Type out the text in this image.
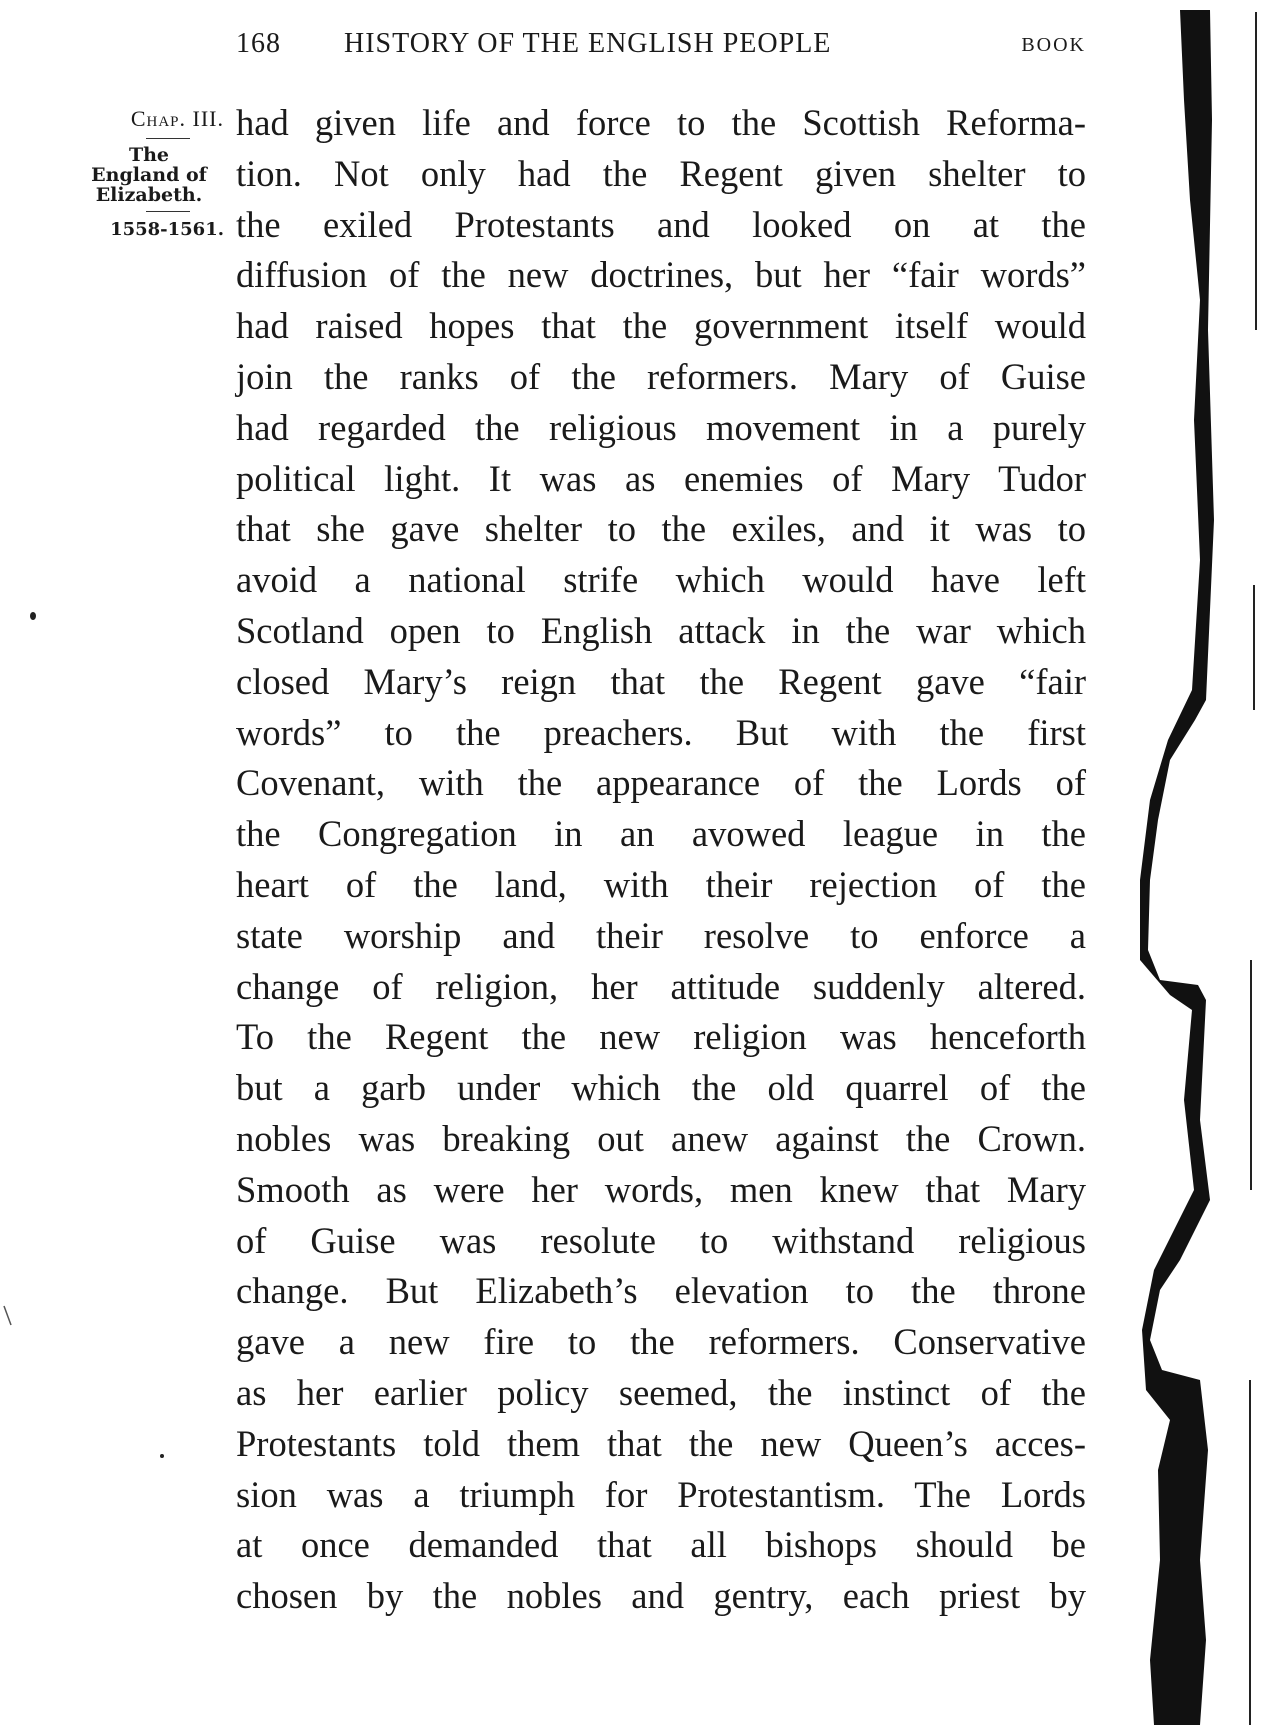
168 HISTORY OF THE ENGLISH PEOPLE	BOOK
Chap. III.
The
England of
Elizabeth.
1558-1561.
had given life and force to the Scottish Reforma-
tion. Not only had the Regent given shelter to
the exiled Protestants and looked on at the
diffusion of the new doctrines, but her “fair words”
had raised hopes that the government itself would
join the ranks of the reformers. Mary of Guise
had regarded the religious movement in a purely
political light. It was as enemies of Mary Tudor
that she gave shelter to the exiles, and it was to
avoid a national strife which would have left
Scotland open to English attack in the war which
closed Mary’s reign that the Regent gave “fair
words” to the preachers. But with the first
Covenant, with the appearance of the Lords of
the Congregation in an avowed league in the
heart of the land, with their rejection of the
state worship and their resolve to enforce a
change of religion, her attitude suddenly altered.
To the Regent the new religion was henceforth
but a garb under which the old quarrel of the
nobles was breaking out anew against the Crown.
Smooth as were her words, men knew that Mary
of Guise was resolute to withstand religious
change. But Elizabeth’s elevation to the throne
gave a new fire to the reformers. Conservative
as her earlier policy seemed, the instinct of the
Protestants told them that the new Queen’s acces-
sion was a triumph for Protestantism. The Lords
at once demanded that all bishops should be
chosen by the nobles and gentry, each priest by
